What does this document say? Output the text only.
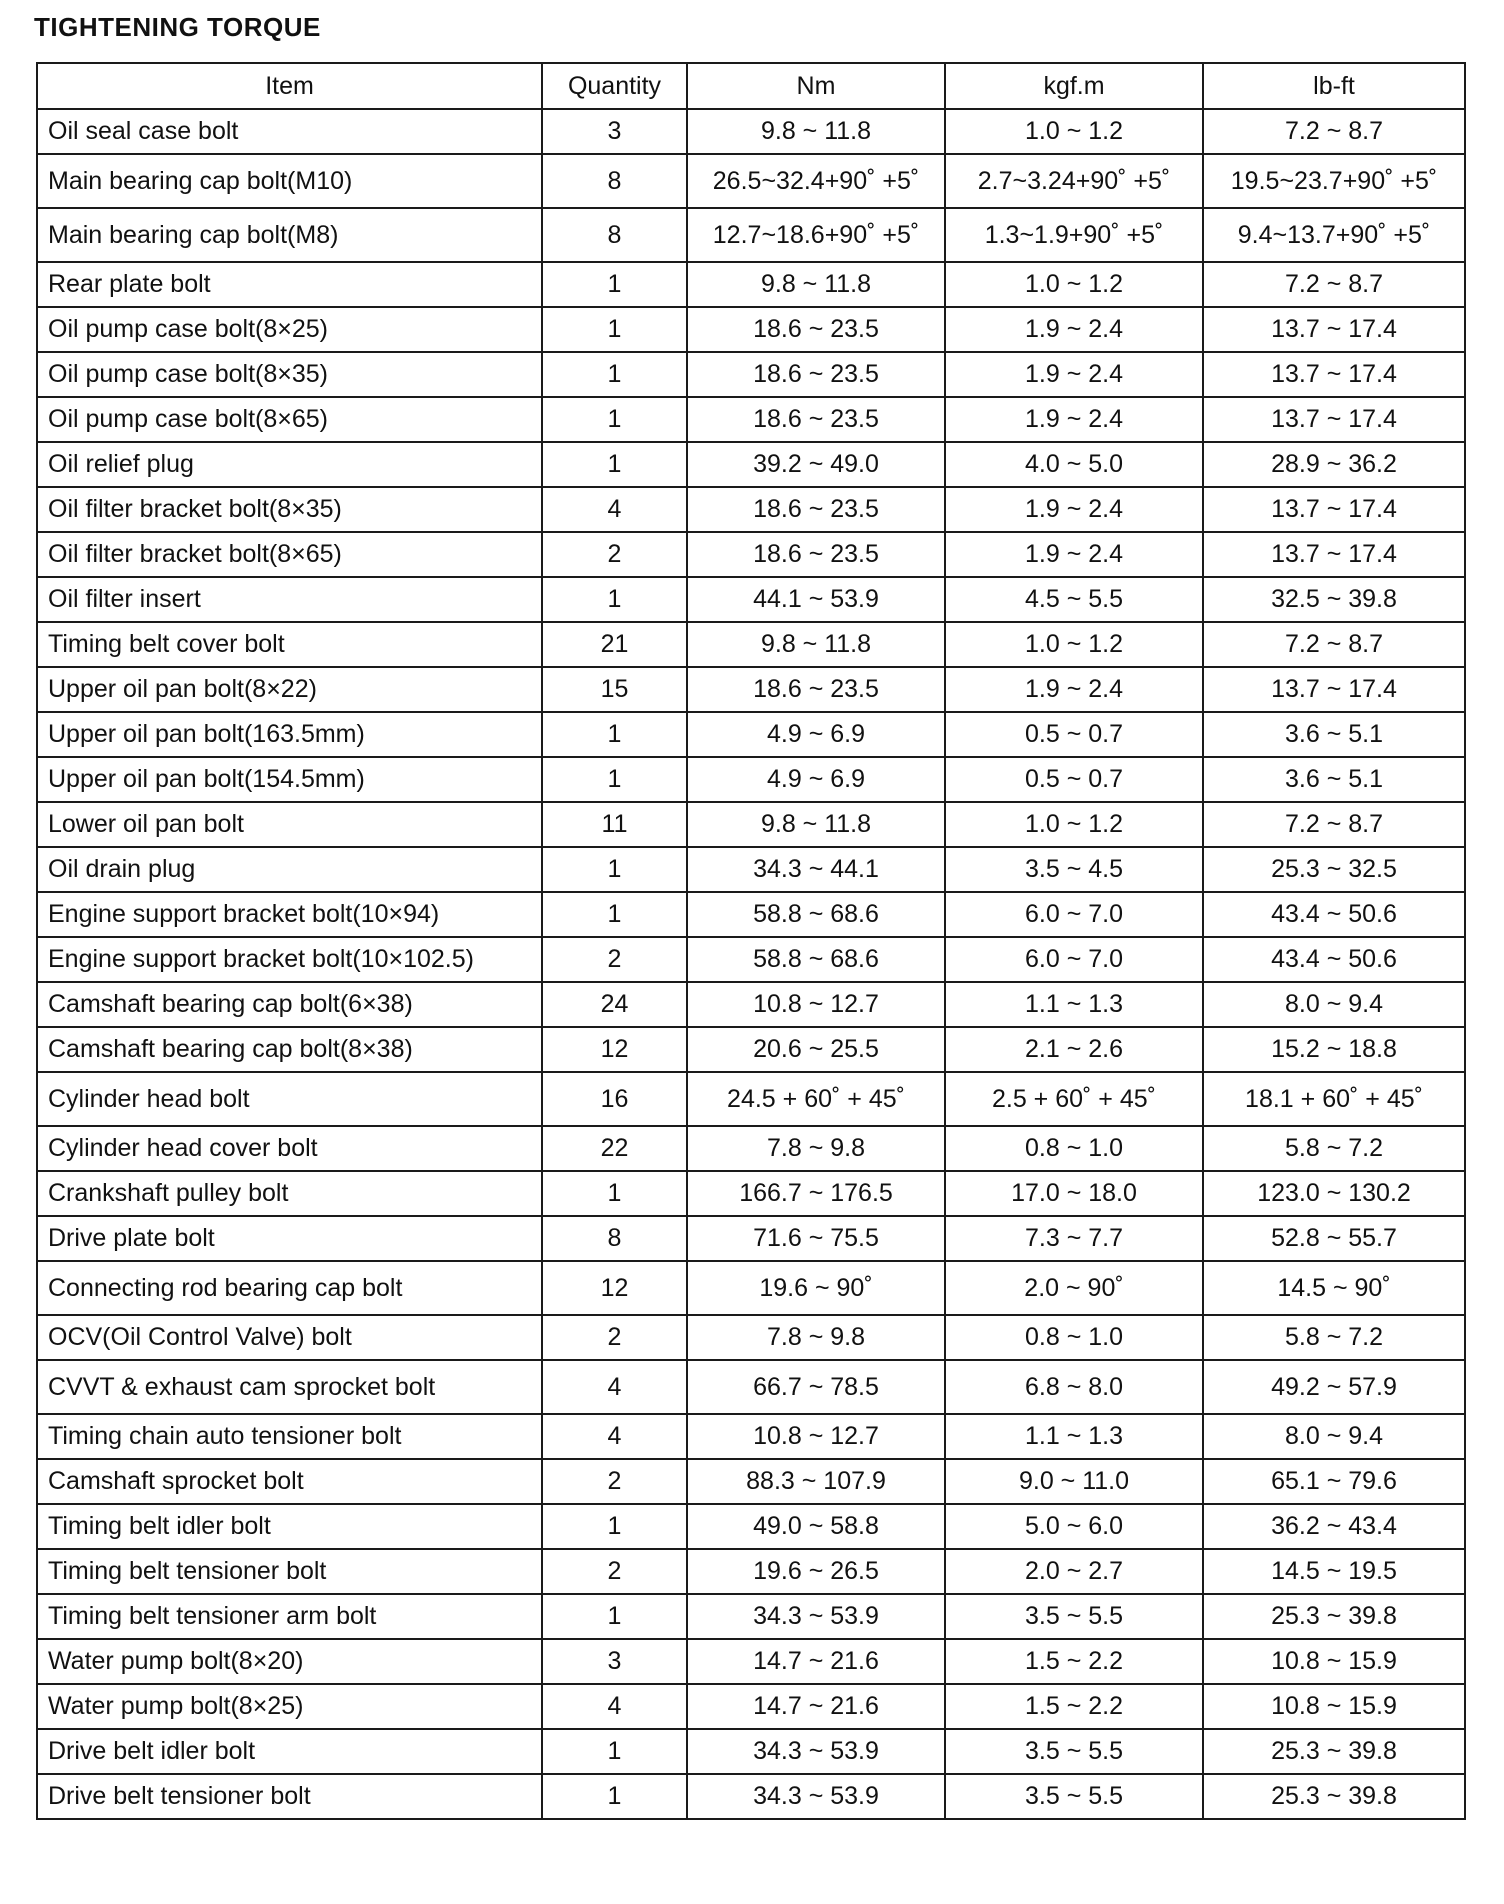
TIGHTENING TORQUE
Item	Quantity	Nm	kgf.m	lb-ft
Oil seal case bolt	3	9.8 ~ 11.8	1.0 ~ 1.2	7.2 ~ 8.7
Main bearing cap bolt(M10)	8	26.5~32.4+90˚ +5˚	2.7~3.24+90˚ +5˚	19.5~23.7+90˚ +5˚
Main bearing cap bolt(M8)	8	12.7~18.6+90˚ +5˚	1.3~1.9+90˚ +5˚	9.4~13.7+90˚ +5˚
Rear plate bolt	1	9.8 ~ 11.8	1.0 ~ 1.2	7.2 ~ 8.7
Oil pump case bolt(8×25)	1	18.6 ~ 23.5	1.9 ~ 2.4	13.7 ~ 17.4
Oil pump case bolt(8×35)	1	18.6 ~ 23.5	1.9 ~ 2.4	13.7 ~ 17.4
Oil pump case bolt(8×65)	1	18.6 ~ 23.5	1.9 ~ 2.4	13.7 ~ 17.4
Oil relief plug	1	39.2 ~ 49.0	4.0 ~ 5.0	28.9 ~ 36.2
Oil filter bracket bolt(8×35)	4	18.6 ~ 23.5	1.9 ~ 2.4	13.7 ~ 17.4
Oil filter bracket bolt(8×65)	2	18.6 ~ 23.5	1.9 ~ 2.4	13.7 ~ 17.4
Oil filter insert	1	44.1 ~ 53.9	4.5 ~ 5.5	32.5 ~ 39.8
Timing belt cover bolt	21	9.8 ~ 11.8	1.0 ~ 1.2	7.2 ~ 8.7
Upper oil pan bolt(8×22)	15	18.6 ~ 23.5	1.9 ~ 2.4	13.7 ~ 17.4
Upper oil pan bolt(163.5mm)	1	4.9 ~ 6.9	0.5 ~ 0.7	3.6 ~ 5.1
Upper oil pan bolt(154.5mm)	1	4.9 ~ 6.9	0.5 ~ 0.7	3.6 ~ 5.1
Lower oil pan bolt	11	9.8 ~ 11.8	1.0 ~ 1.2	7.2 ~ 8.7
Oil drain plug	1	34.3 ~ 44.1	3.5 ~ 4.5	25.3 ~ 32.5
Engine support bracket bolt(10×94)	1	58.8 ~ 68.6	6.0 ~ 7.0	43.4 ~ 50.6
Engine support bracket bolt(10×102.5)	2	58.8 ~ 68.6	6.0 ~ 7.0	43.4 ~ 50.6
Camshaft bearing cap bolt(6×38)	24	10.8 ~ 12.7	1.1 ~ 1.3	8.0 ~ 9.4
Camshaft bearing cap bolt(8×38)	12	20.6 ~ 25.5	2.1 ~ 2.6	15.2 ~ 18.8
Cylinder head bolt	16	24.5 + 60˚ + 45˚	2.5 + 60˚ + 45˚	18.1 + 60˚ + 45˚
Cylinder head cover bolt	22	7.8 ~ 9.8	0.8 ~ 1.0	5.8 ~ 7.2
Crankshaft pulley bolt	1	166.7 ~ 176.5	17.0 ~ 18.0	123.0 ~ 130.2
Drive plate bolt	8	71.6 ~ 75.5	7.3 ~ 7.7	52.8 ~ 55.7
Connecting rod bearing cap bolt	12	19.6 ~ 90˚	2.0 ~ 90˚	14.5 ~ 90˚
OCV(Oil Control Valve) bolt	2	7.8 ~ 9.8	0.8 ~ 1.0	5.8 ~ 7.2
CVVT & exhaust cam sprocket bolt	4	66.7 ~ 78.5	6.8 ~ 8.0	49.2 ~ 57.9
Timing chain auto tensioner bolt	4	10.8 ~ 12.7	1.1 ~ 1.3	8.0 ~ 9.4
Camshaft sprocket bolt	2	88.3 ~ 107.9	9.0 ~ 11.0	65.1 ~ 79.6
Timing belt idler bolt	1	49.0 ~ 58.8	5.0 ~ 6.0	36.2 ~ 43.4
Timing belt tensioner bolt	2	19.6 ~ 26.5	2.0 ~ 2.7	14.5 ~ 19.5
Timing belt tensioner arm bolt	1	34.3 ~ 53.9	3.5 ~ 5.5	25.3 ~ 39.8
Water pump bolt(8×20)	3	14.7 ~ 21.6	1.5 ~ 2.2	10.8 ~ 15.9
Water pump bolt(8×25)	4	14.7 ~ 21.6	1.5 ~ 2.2	10.8 ~ 15.9
Drive belt idler bolt	1	34.3 ~ 53.9	3.5 ~ 5.5	25.3 ~ 39.8
Drive belt tensioner bolt	1	34.3 ~ 53.9	3.5 ~ 5.5	25.3 ~ 39.8
